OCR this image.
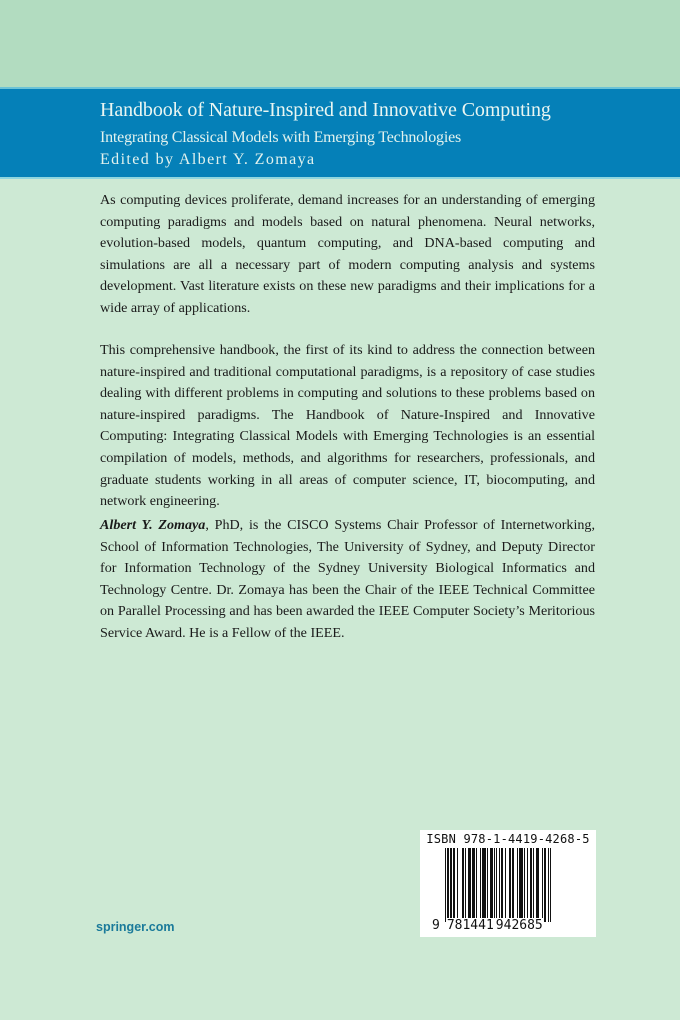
Handbook of Nature-Inspired and Innovative Computing
Integrating Classical Models with Emerging Technologies
Edited by Albert Y. Zomaya

As computing devices proliferate, demand increases for an understanding of emerging computing paradigms and models based on natural phenomena. Neural networks, evolution-based models, quantum computing, and DNA-based computing and simulations are all a necessary part of modern computing analysis and systems development. Vast literature exists on these new paradigms and their implications for a wide array of applications.

This comprehensive handbook, the first of its kind to address the connection between nature-inspired and traditional computational paradigms, is a repository of case studies dealing with different problems in computing and solutions to these problems based on nature-inspired paradigms. The Handbook of Nature-Inspired and Innovative Computing: Integrating Classical Models with Emerging Technologies is an essential compilation of models, methods, and algorithms for researchers, professionals, and graduate students working in all areas of computer science, IT, biocomputing, and network engineering.

Albert Y. Zomaya, PhD, is the CISCO Systems Chair Professor of Internetworking, School of Information Technologies, The University of Sydney, and Deputy Director for Information Technology of the Sydney University Biological Informatics and Technology Centre. Dr. Zomaya has been the Chair of the IEEE Technical Committee on Parallel Processing and has been awarded the IEEE Computer Society’s Meritorious Service Award. He is a Fellow of the IEEE.

springer.com
ISBN 978-1-4419-4268-5
9 781441 942685
